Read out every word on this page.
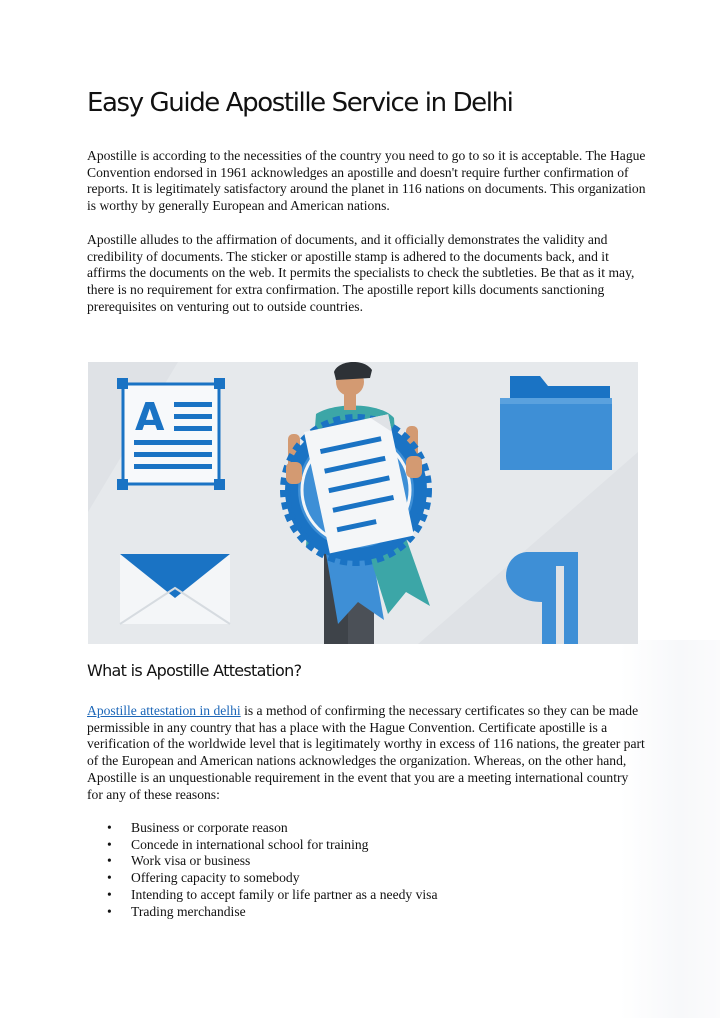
Easy Guide Apostille Service in Delhi

Apostille is according to the necessities of the country you need to go to so it is acceptable. The Hague Convention endorsed in 1961 acknowledges an apostille and doesn't require further confirmation of reports. It is legitimately satisfactory around the planet in 116 nations on documents. This organization is worthy by generally European and American nations.

Apostille alludes to the affirmation of documents, and it officially demonstrates the validity and credibility of documents. The sticker or apostille stamp is adhered to the documents back, and it affirms the documents on the web. It permits the specialists to check the subtleties. Be that as it may, there is no requirement for extra confirmation. The apostille report kills documents sanctioning prerequisites on venturing out to outside countries.

A
What is Apostille Attestation?

Apostille attestation in delhi is a method of confirming the necessary certificates so they can be made permissible in any country that has a place with the Hague Convention. Certificate apostille is a verification of the worldwide level that is legitimately worthy in excess of 116 nations, the greater part of the European and American nations acknowledges the organization. Whereas, on the other hand, Apostille is an unquestionable requirement in the event that you are a meeting international country for any of these reasons:

• Business or corporate reason
• Concede in international school for training
• Work visa or business
• Offering capacity to somebody
• Intending to accept family or life partner as a needy visa
• Trading merchandise
